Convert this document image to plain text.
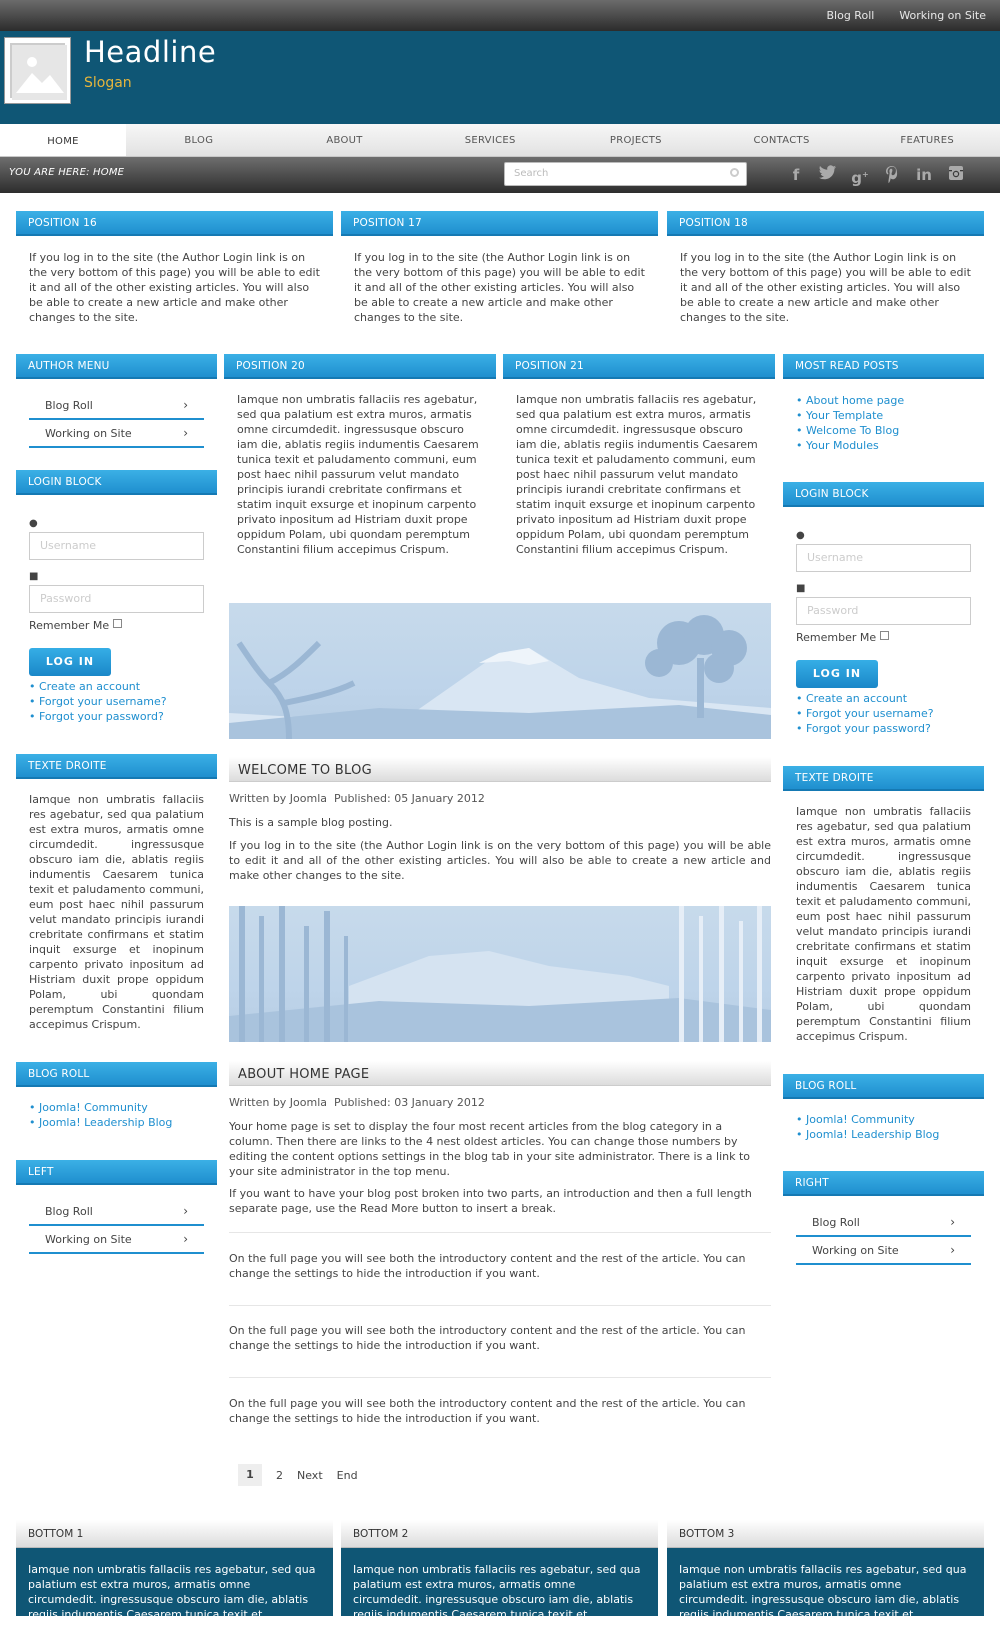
Blog Roll Working on Site
Headline
Slogan
HOME	BLOG	ABOUT	SERVICES	PROJECTS	CONTACTS	FEATURES
YOU ARE HERE: HOME	Search	f	g+	in
POSITION 16
If you log in to the site (the Author Login link is on the very bottom of this page) you will be able to edit it and all of the other existing articles. You will also be able to create a new article and make other changes to the site.
POSITION 17
If you log in to the site (the Author Login link is on the very bottom of this page) you will be able to edit it and all of the other existing articles. You will also be able to create a new article and make other changes to the site.
POSITION 18
If you log in to the site (the Author Login link is on the very bottom of this page) you will be able to edit it and all of the other existing articles. You will also be able to create a new article and make other changes to the site.
AUTHOR MENU
Blog Roll	›
Working on Site	›
LOGIN BLOCK
●
Username
■
Password
Remember Me
LOG IN
• Create an account
• Forgot your username?
• Forgot your password?
TEXTE DROITE
Iamque non umbratis fallaciis res agebatur, sed qua palatium est extra muros, armatis omne circumdedit. ingressusque obscuro iam die, ablatis regiis indumentis Caesarem tunica texit et paludamento communi, eum post haec nihil passurum velut mandato principis iurandi crebritate confirmans et statim inquit exsurge et inopinum carpento privato inpositum ad Histriam duxit prope oppidum Polam, ubi quondam peremptum Constantini filium accepimus Crispum.
BLOG ROLL
• Joomla! Community
• Joomla! Leadership Blog
LEFT
Blog Roll	›
Working on Site	›
POSITION 20
Iamque non umbratis fallaciis res agebatur, sed qua palatium est extra muros, armatis omne circumdedit. ingressusque obscuro iam die, ablatis regiis indumentis Caesarem tunica texit et paludamento communi, eum post haec nihil passurum velut mandato principis iurandi crebritate confirmans et statim inquit exsurge et inopinum carpento privato inpositum ad Histriam duxit prope oppidum Polam, ubi quondam peremptum Constantini filium accepimus Crispum.
POSITION 21
Iamque non umbratis fallaciis res agebatur, sed qua palatium est extra muros, armatis omne circumdedit. ingressusque obscuro iam die, ablatis regiis indumentis Caesarem tunica texit et paludamento communi, eum post haec nihil passurum velut mandato principis iurandi crebritate confirmans et statim inquit exsurge et inopinum carpento privato inpositum ad Histriam duxit prope oppidum Polam, ubi quondam peremptum Constantini filium accepimus Crispum.
WELCOME TO BLOG
Written by Joomla Published: 05 January 2012
This is a sample blog posting.
If you log in to the site (the Author Login link is on the very bottom of this page) you will be able to edit it and all of the other existing articles. You will also be able to create a new article and make other changes to the site.
ABOUT HOME PAGE
Written by Joomla Published: 03 January 2012
Your home page is set to display the four most recent articles from the blog category in a column. Then there are links to the 4 nest oldest articles. You can change those numbers by editing the content options settings in the blog tab in your site administrator. There is a link to your site administrator in the top menu.
If you want to have your blog post broken into two parts, an introduction and then a full length separate page, use the Read More button to insert a break.
On the full page you will see both the introductory content and the rest of the article. You can change the settings to hide the introduction if you want.
On the full page you will see both the introductory content and the rest of the article. You can change the settings to hide the introduction if you want.
On the full page you will see both the introductory content and the rest of the article. You can change the settings to hide the introduction if you want.
1	2 Next End
MOST READ POSTS
• About home page
• Your Template
• Welcome To Blog
• Your Modules
LOGIN BLOCK
●
Username
■
Password
Remember Me
LOG IN
• Create an account
• Forgot your username?
• Forgot your password?
TEXTE DROITE
Iamque non umbratis fallaciis res agebatur, sed qua palatium est extra muros, armatis omne circumdedit. ingressusque obscuro iam die, ablatis regiis indumentis Caesarem tunica texit et paludamento communi, eum post haec nihil passurum velut mandato principis iurandi crebritate confirmans et statim inquit exsurge et inopinum carpento privato inpositum ad Histriam duxit prope oppidum Polam, ubi quondam peremptum Constantini filium accepimus Crispum.
BLOG ROLL
• Joomla! Community
• Joomla! Leadership Blog
RIGHT
Blog Roll	›
Working on Site	›
BOTTOM 1
Iamque non umbratis fallaciis res agebatur, sed qua palatium est extra muros, armatis omne circumdedit. ingressusque obscuro iam die, ablatis regiis indumentis Caesarem tunica texit et paludamento
BOTTOM 2
Iamque non umbratis fallaciis res agebatur, sed qua palatium est extra muros, armatis omne circumdedit. ingressusque obscuro iam die, ablatis regiis indumentis Caesarem tunica texit et paludamento
BOTTOM 3
Iamque non umbratis fallaciis res agebatur, sed qua palatium est extra muros, armatis omne circumdedit. ingressusque obscuro iam die, ablatis regiis indumentis Caesarem tunica texit et paludamento
